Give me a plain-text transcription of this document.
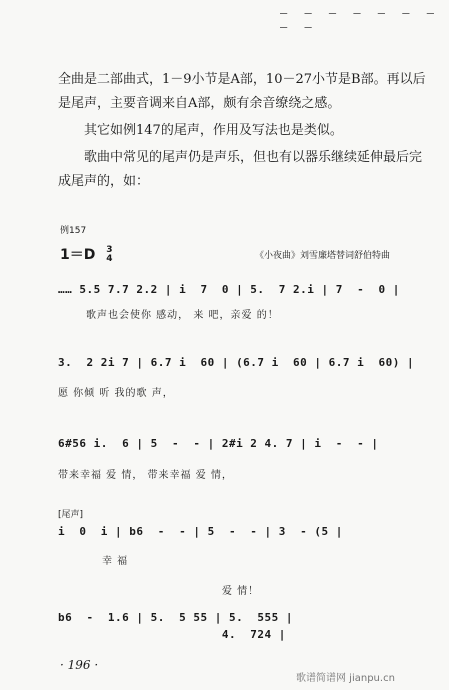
— — — — — — — — —
全曲是二部曲式，1－9小节是A部，10－27小节是B部。再以后是尾声，主要音调来自A部，颇有余音缭绕之感。
其它如例147的尾声，作用及写法也是类似。
歌曲中常见的尾声仍是声乐，但也有以器乐继续延伸最后完成尾声的，如：
例157
1＝D 3
4	《小夜曲》刘雪廉塔替词舒伯特曲
…… 5.5 7.7 2.2 | i  7  0 | 5.  7 2.i | 7  -  0 |
歌声也会使你 感动， 来 吧，亲爱 的！
3.  2 2i 7 | 6.7 i  60 | (6.7 i  60 | 6.7 i  60) |
愿 你倾 听 我的歌 声，
6#56 i.  6 | 5  -  - | 2#i 2 4. 7 | i  -  - |
带来幸福 爱 情， 带来幸福 爱 情，
[尾声]
i  0  i | b6  -  - | 5  -  - | 3  - (5 |
幸 福
爱 情！
b6  -  1.6 | 5.  5 55 | 5.  555 |
4.  724 |
· 196 ·
歌谱简谱网 jianpu.cn
